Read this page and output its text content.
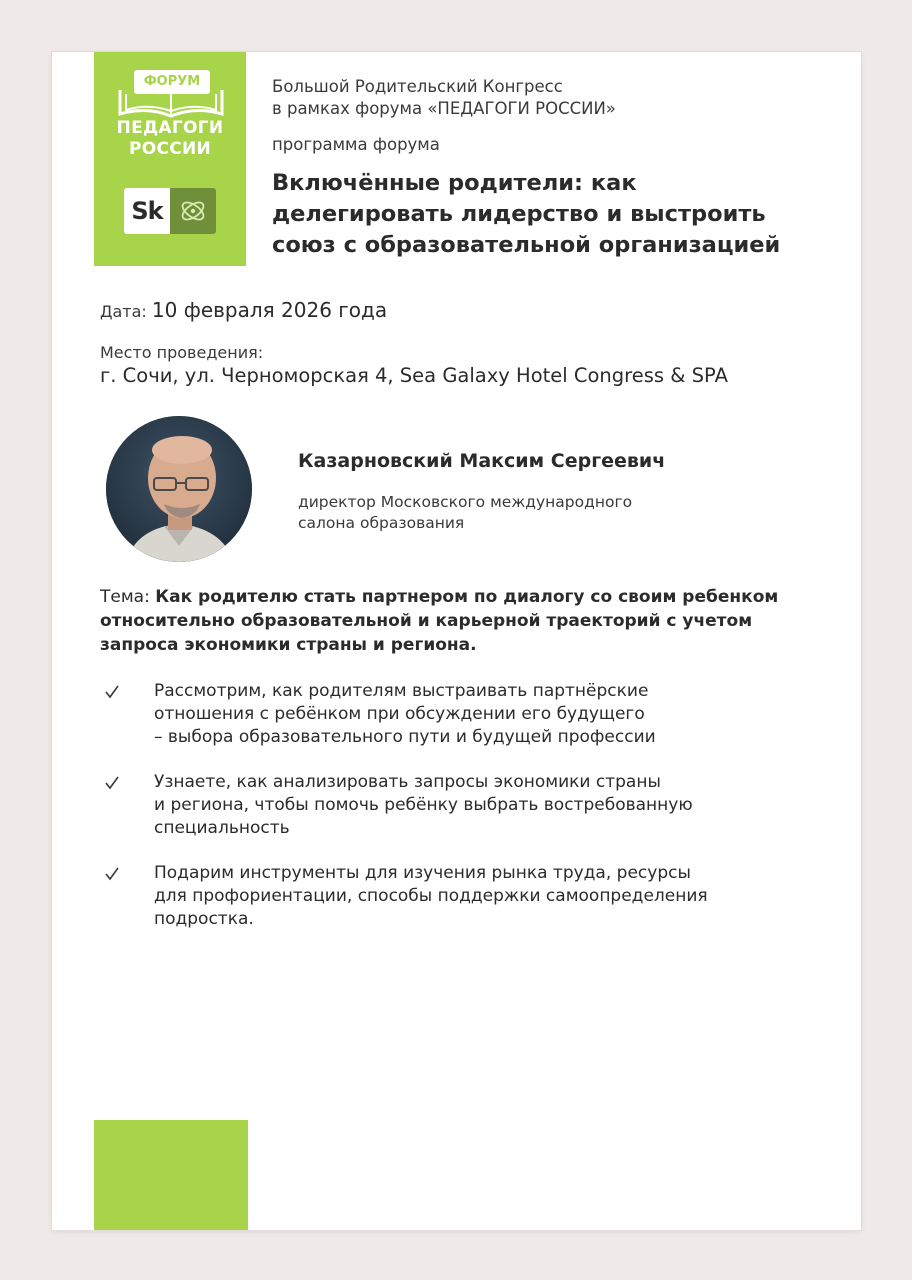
ФОРУМ
ПЕДАГОГИ
РОССИИ
Sk
Большой Родительский Конгресс
в рамках форума «ПЕДАГОГИ РОССИИ»
программа форума
Включённые родители: как
делегировать лидерство и выстроить
союз с образовательной организацией
Дата: 10 февраля 2026 года
Место проведения:
г. Сочи, ул. Черноморская 4, Sea Galaxy Hotel Congress & SPA
Казарновский Максим Сергеевич
директор Московского международного
салона образования
Тема: Как родителю стать партнером по диалогу со своим ребенком
относительно образовательной и карьерной траекторий с учетом
запроса экономики страны и региона.
Рассмотрим, как родителям выстраивать партнёрские
отношения с ребёнком при обсуждении его будущего
– выбора образовательного пути и будущей профессии
Узнаете, как анализировать запросы экономики страны
и региона, чтобы помочь ребёнку выбрать востребованную
специальность
Подарим инструменты для изучения рынка труда, ресурсы
для профориентации, способы поддержки самоопределения
подростка.
